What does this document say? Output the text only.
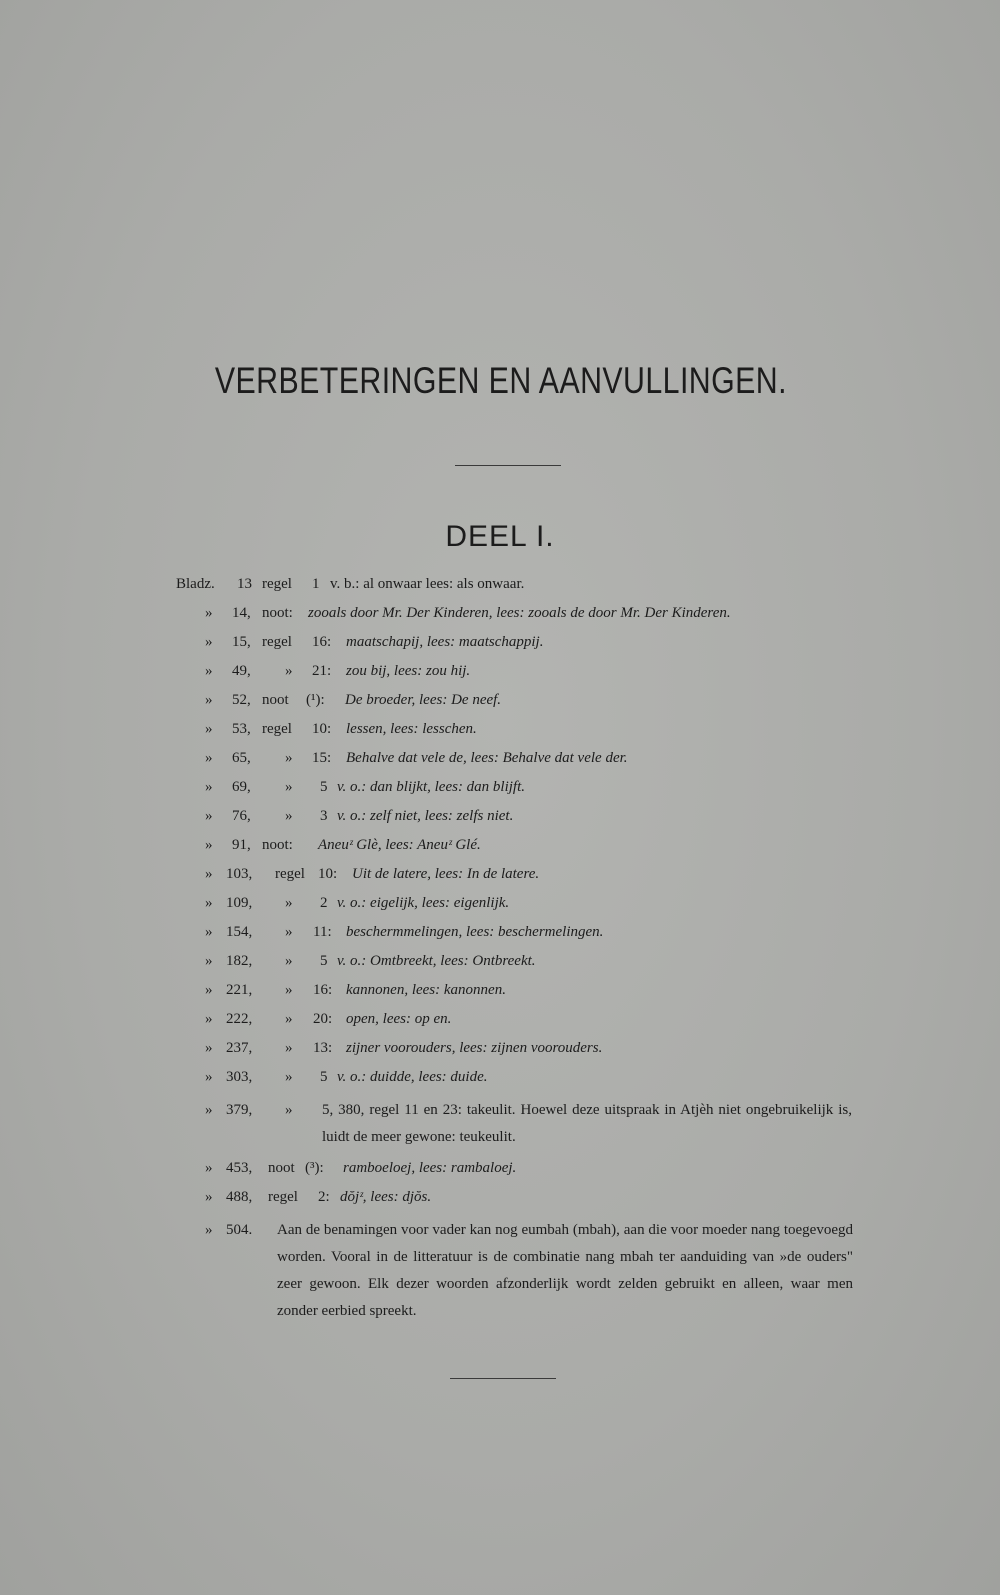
VERBETERINGEN EN AANVULLINGEN.
DEEL I.
Bladz. 13 regel 1 v. b.: al onwaar lees: als onwaar.
» 14, noot: zooals door Mr. Der Kinderen, lees: zooals de door Mr. Der Kinderen.
» 15, regel 16: maatschapij, lees: maatschappij.
» 49, » 21: zou bij, lees: zou hij.
» 52, noot (¹): De broeder, lees: De neef.
» 53, regel 10: lessen, lees: lesschen.
» 65, » 15: Behalve dat vele de, lees: Behalve dat vele der.
» 69, » 5 v. o.: dan blijkt, lees: dan blijft.
» 76, » 3 v. o.: zelf niet, lees: zelfs niet.
» 91, noot: Aneuᶻ Glè, lees: Aneuᶻ Glé.
» 103, regel 10: Uit de latere, lees: In de latere.
» 109, » 2 v. o.: eigelijk, lees: eigenlijk.
» 154, » 11: beschermmelingen, lees: beschermelingen.
» 182, » 5 v. o.: Omtbreekt, lees: Ontbreekt.
» 221, » 16: kannonen, lees: kanonnen.
» 222, » 20: open, lees: op en.
» 237, » 13: zijner voorouders, lees: zijnen voorouders.
» 303, » 5 v. o.: duidde, lees: duide.
» 379, » 5, 380, regel 11 en 23: takeulit. Hoewel deze uitspraak in Atjèh niet ongebruikelijk is, luidt de meer gewone: teukeulit.
» 453, noot (³): ramboeloej, lees: rambaloej.
» 488, regel 2: dŏjᶻ, lees: djŏs.
» 504. Aan de benamingen voor vader kan nog eumbah (mbah), aan die voor moeder nang toegevoegd worden. Vooral in de litteratuur is de combinatie nang mbah ter aanduiding van »de ouders" zeer gewoon. Elk dezer woorden afzonderlijk wordt zelden gebruikt en alleen, waar men zonder eerbied spreekt.
